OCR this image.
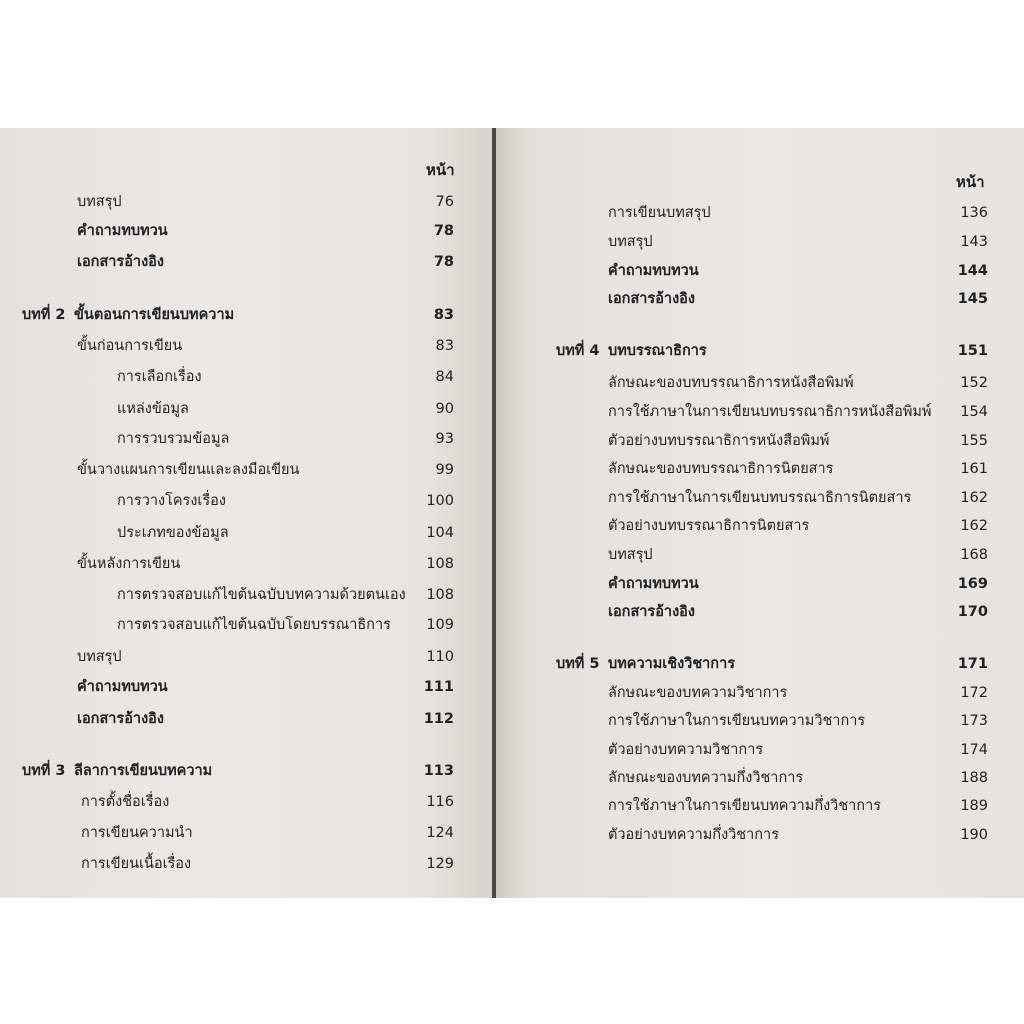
หน้า
บทสรุป	76
คำถามทบทวน	78
เอกสารอ้างอิง	78
บทที่ 2 ขั้นตอนการเขียนบทความ	83
ขั้นก่อนการเขียน	83
การเลือกเรื่อง	84
แหล่งข้อมูล	90
การรวบรวมข้อมูล	93
ขั้นวางแผนการเขียนและลงมือเขียน	99
การวางโครงเรื่อง	100
ประเภทของข้อมูล	104
ขั้นหลังการเขียน	108
การตรวจสอบแก้ไขต้นฉบับบทความด้วยตนเอง 108
การตรวจสอบแก้ไขต้นฉบับโดยบรรณาธิการ 109
บทสรุป	110
คำถามทบทวน	111
เอกสารอ้างอิง	112
บทที่ 3 ลีลาการเขียนบทความ	113
การตั้งชื่อเรื่อง	116
การเขียนความนำ	124
การเขียนเนื้อเรื่อง	129
หน้า
การเขียนบทสรุป	136
บทสรุป	143
คำถามทบทวน	144
เอกสารอ้างอิง	145
บทที่ 4 บทบรรณาธิการ	151
ลักษณะของบทบรรณาธิการหนังสือพิมพ์	152
การใช้ภาษาในการเขียนบทบรรณาธิการหนังสือพิมพ์ 154
ตัวอย่างบทบรรณาธิการหนังสือพิมพ์	155
ลักษณะของบทบรรณาธิการนิตยสาร	161
การใช้ภาษาในการเขียนบทบรรณาธิการนิตยสาร	162
ตัวอย่างบทบรรณาธิการนิตยสาร	162
บทสรุป	168
คำถามทบทวน	169
เอกสารอ้างอิง	170
บทที่ 5 บทความเชิงวิชาการ	171
ลักษณะของบทความวิชาการ	172
การใช้ภาษาในการเขียนบทความวิชาการ	173
ตัวอย่างบทความวิชาการ	174
ลักษณะของบทความกึ่งวิชาการ	188
การใช้ภาษาในการเขียนบทความกึ่งวิชาการ	189
ตัวอย่างบทความกึ่งวิชาการ	190
